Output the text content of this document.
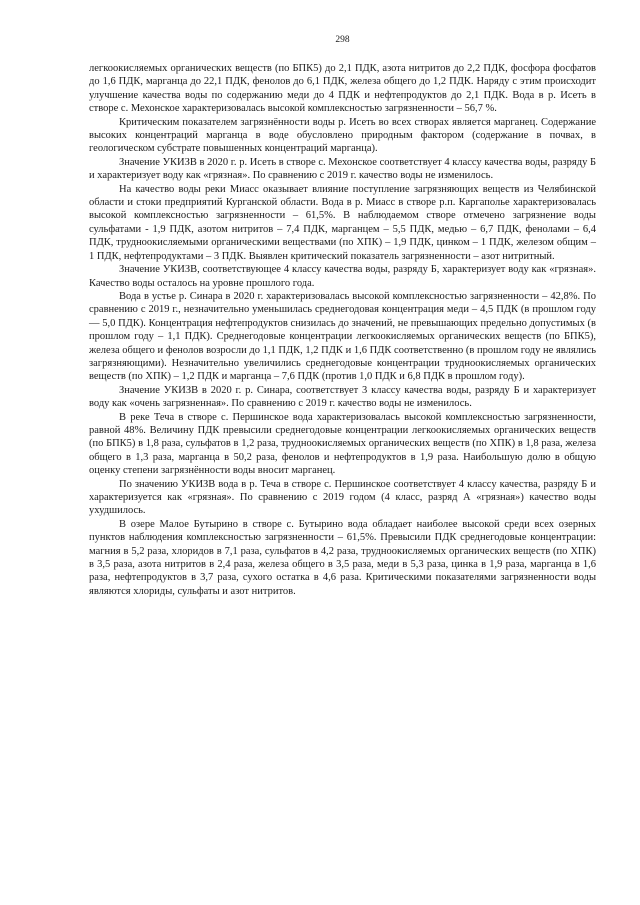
298

легкоокисляемых органических веществ (по БПК5) до 2,1 ПДК, азота нитритов до 2,2 ПДК, фосфора фосфатов до 1,6 ПДК, марганца до 22,1 ПДК, фенолов до 6,1 ПДК, железа общего до 1,2 ПДК. Наряду с этим происходит улучшение качества воды по содержанию меди до 4 ПДК и нефтепродуктов до 2,1 ПДК. Вода в р. Исеть в створе с. Мехонское характеризовалась высокой комплексностью загрязненности – 56,7 %.

Критическим показателем загрязнённости воды р. Исеть во всех створах является марганец. Содержание высоких концентраций марганца в воде обусловлено природным фактором (содержание в почвах, в геологическом субстрате повышенных концентраций марганца).

Значение УКИЗВ в 2020 г. р. Исеть в створе с. Мехонское соответствует 4 классу качества воды, разряду Б и характеризует воду как «грязная». По сравнению с 2019 г. качество воды не изменилось.

На качество воды реки Миасс оказывает влияние поступление загрязняющих веществ из Челябинской области и стоки предприятий Курганской области. Вода в р. Миасс в створе р.п. Каргаполье характеризовалась высокой комплексностью загрязненности – 61,5%. В наблюдаемом створе отмечено загрязнение воды сульфатами - 1,9 ПДК, азотом нитритов – 7,4 ПДК, марганцем – 5,5 ПДК, медью – 6,7 ПДК, фенолами – 6,4 ПДК, трудноокисляемыми органическими веществами (по ХПК) – 1,9 ПДК, цинком – 1 ПДК, железом общим – 1 ПДК, нефтепродуктами – 3 ПДК. Выявлен критический показатель загрязненности – азот нитритный.

Значение УКИЗВ, соответствующее 4 классу качества воды, разряду Б, характеризует воду как «грязная». Качество воды осталось на уровне прошлого года.

Вода в устье р. Синара в 2020 г. характеризовалась высокой комплексностью загрязненности – 42,8%. По сравнению с 2019 г., незначительно уменьшилась среднегодовая концентрация меди – 4,5 ПДК (в прошлом году — 5,0 ПДК). Концентрация нефтепродуктов снизилась до значений, не превышающих предельно допустимых (в прошлом году – 1,1 ПДК). Среднегодовые концентрации легкоокисляемых органических веществ (по БПК5), железа общего и фенолов возросли до 1,1 ПДК, 1,2 ПДК и 1,6 ПДК соответственно (в прошлом году не являлись загрязняющими). Незначительно увеличились среднегодовые концентрации трудноокисляемых органических веществ (по ХПК) – 1,2 ПДК и марганца – 7,6 ПДК (против 1,0 ПДК и 6,8 ПДК в прошлом году).

Значение УКИЗВ в 2020 г. р. Синара, соответствует 3 классу качества воды, разряду Б и характеризует воду как «очень загрязненная». По сравнению с 2019 г. качество воды не изменилось.

В реке Теча в створе с. Першинское вода характеризовалась высокой комплексностью загрязненности, равной 48%. Величину ПДК превысили среднегодовые концентрации легкоокисляемых органических веществ (по БПК5) в 1,8 раза, сульфатов в 1,2 раза, трудноокисляемых органических веществ (по ХПК) в 1,8 раза, железа общего в 1,3 раза, марганца в 50,2 раза, фенолов и нефтепродуктов в 1,9 раза. Наибольшую долю в общую оценку степени загрязнённости воды вносит марганец.

По значению УКИЗВ вода в р. Теча в створе с. Першинское соответствует 4 классу качества, разряду Б и характеризуется как «грязная». По сравнению с 2019 годом (4 класс, разряд А «грязная») качество воды ухудшилось.

В озере Малое Бутырино в створе с. Бутырино вода обладает наиболее высокой среди всех озерных пунктов наблюдения комплексностью загрязненности – 61,5%. Превысили ПДК среднегодовые концентрации: магния в 5,2 раза, хлоридов в 7,1 раза, сульфатов в 4,2 раза, трудноокисляемых органических веществ (по ХПК) в 3,5 раза, азота нитритов в 2,4 раза, железа общего в 3,5 раза, меди в 5,3 раза, цинка в 1,9 раза, марганца в 1,6 раза, нефтепродуктов в 3,7 раза, сухого остатка в 4,6 раза. Критическими показателями загрязненности воды являются хлориды, сульфаты и азот нитритов.
